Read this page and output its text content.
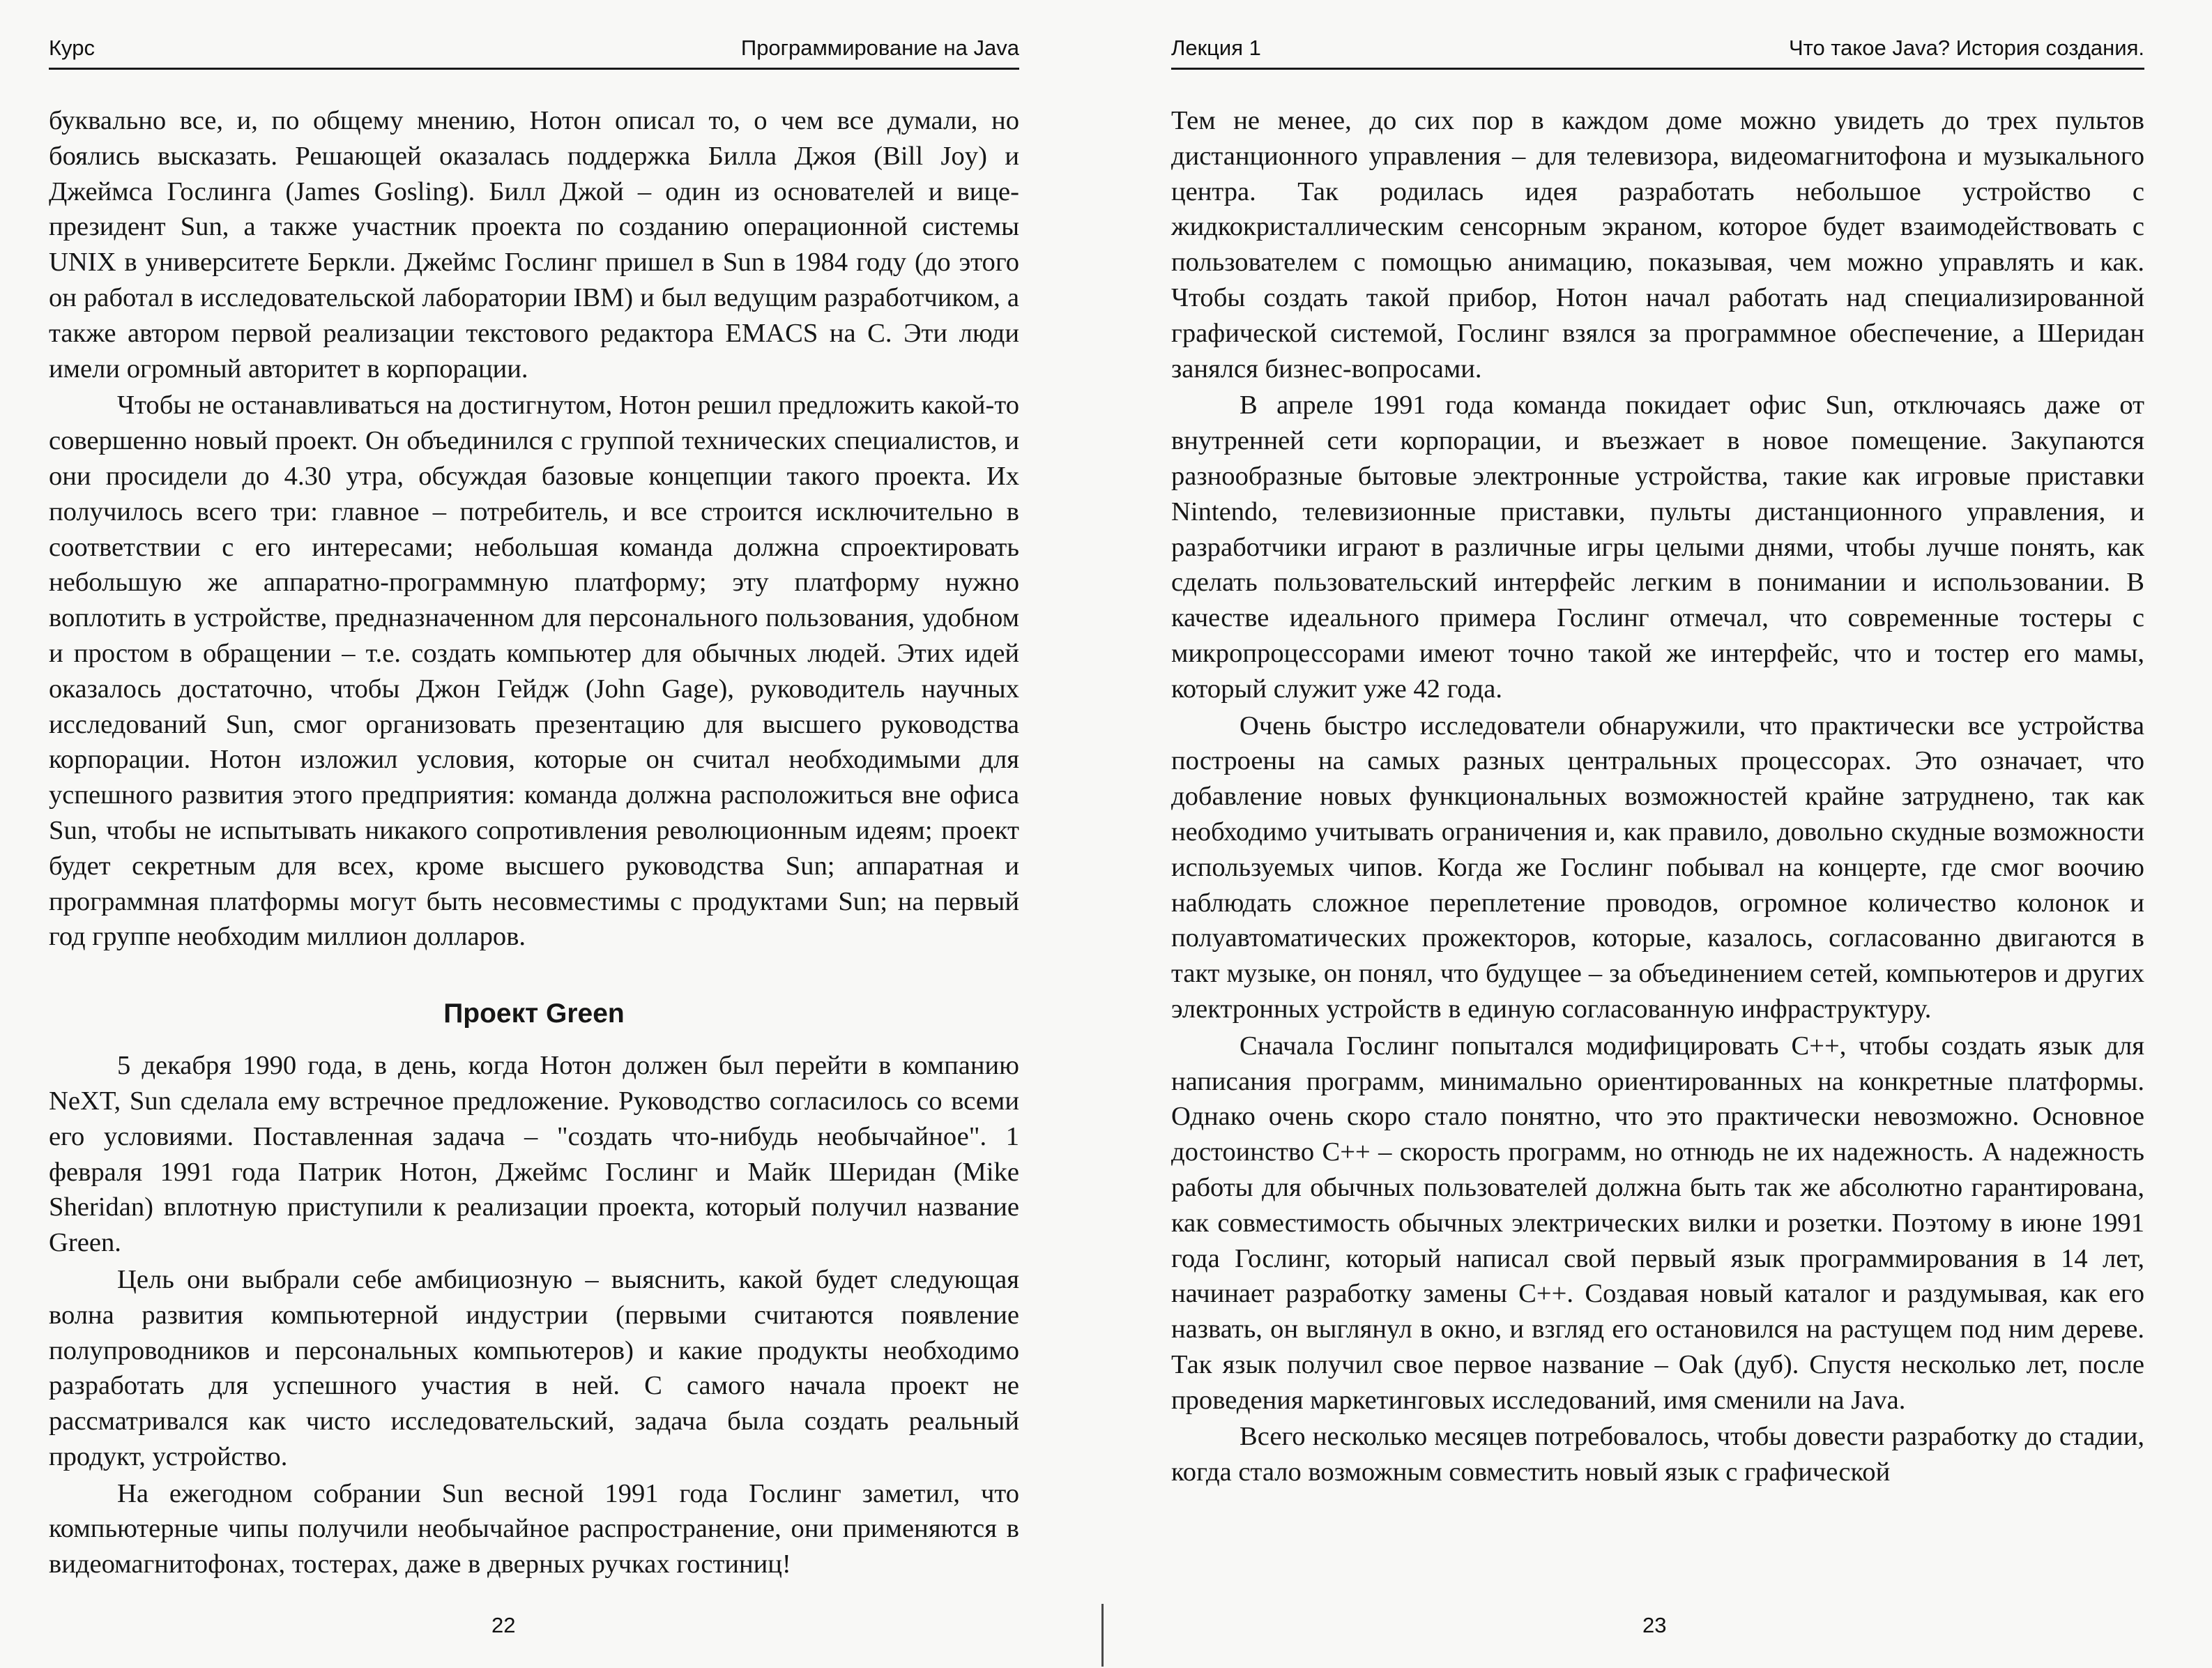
Курс	Программирование на Java

буквально все, и, по общему мнению, Нотон описал то, о чем все думали, но боялись высказать. Решающей оказалась поддержка Билла Джоя (Bill Joy) и Джеймса Гослинга (James Gosling). Билл Джой – один из основателей и вице-президент Sun, а также участник проекта по созданию операционной системы UNIX в университете Беркли. Джеймс Гослинг пришел в Sun в 1984 году (до этого он работал в исследовательской лаборатории IBM) и был ведущим разработчиком, а также автором первой реализации текстового редактора EMACS на С. Эти люди имели огромный авторитет в корпорации.

Чтобы не останавливаться на достигнутом, Нотон решил предложить какой-то совершенно новый проект. Он объединился с группой технических специалистов, и они просидели до 4.30 утра, обсуждая базовые концепции такого проекта. Их получилось всего три: главное – потребитель, и все строится исключительно в соответствии с его интересами; небольшая команда должна спроектировать небольшую же аппаратно-программную платформу; эту платформу нужно воплотить в устройстве, предназначенном для персонального пользования, удобном и простом в обращении – т.е. создать компьютер для обычных людей. Этих идей оказалось достаточно, чтобы Джон Гейдж (John Gage), руководитель научных исследований Sun, смог организовать презентацию для высшего руководства корпорации. Нотон изложил условия, которые он считал необходимыми для успешного развития этого предприятия: команда должна расположиться вне офиса Sun, чтобы не испытывать никакого сопротивления революционным идеям; проект будет секретным для всех, кроме высшего руководства Sun; аппаратная и программная платформы могут быть несовместимы с продуктами Sun; на первый год группе необходим миллион долларов.

Проект Green

5 декабря 1990 года, в день, когда Нотон должен был перейти в компанию NeXT, Sun сделала ему встречное предложение. Руководство согласилось со всеми его условиями. Поставленная задача – "создать что-нибудь необычайное". 1 февраля 1991 года Патрик Нотон, Джеймс Гослинг и Майк Шеридан (Mike Sheridan) вплотную приступили к реализации проекта, который получил название Green.

Цель они выбрали себе амбициозную – выяснить, какой будет следующая волна развития компьютерной индустрии (первыми считаются появление полупроводников и персональных компьютеров) и какие продукты необходимо разработать для успешного участия в ней. С самого начала проект не рассматривался как чисто исследовательский, задача была создать реальный продукт, устройство.

На ежегодном собрании Sun весной 1991 года Гослинг заметил, что компьютерные чипы получили необычайное распространение, они применяются в видеомагнитофонах, тостерах, даже в дверных ручках гостиниц!

22
Лекция 1	Что такое Java? История создания.

Тем не менее, до сих пор в каждом доме можно увидеть до трех пультов дистанционного управления – для телевизора, видеомагнитофона и музыкального центра. Так родилась идея разработать небольшое устройство с жидкокристаллическим сенсорным экраном, которое будет взаимодействовать с пользователем с помощью анимацию, показывая, чем можно управлять и как. Чтобы создать такой прибор, Нотон начал работать над специализированной графической системой, Гослинг взялся за программное обеспечение, а Шеридан занялся бизнес-вопросами.

В апреле 1991 года команда покидает офис Sun, отключаясь даже от внутренней сети корпорации, и въезжает в новое помещение. Закупаются разнообразные бытовые электронные устройства, такие как игровые приставки Nintendo, телевизионные приставки, пульты дистанционного управления, и разработчики играют в различные игры целыми днями, чтобы лучше понять, как сделать пользовательский интерфейс легким в понимании и использовании. В качестве идеального примера Гослинг отмечал, что современные тостеры с микропроцессорами имеют точно такой же интерфейс, что и тостер его мамы, который служит уже 42 года.

Очень быстро исследователи обнаружили, что практически все устройства построены на самых разных центральных процессорах. Это означает, что добавление новых функциональных возможностей крайне затруднено, так как необходимо учитывать ограничения и, как правило, довольно скудные возможности используемых чипов. Когда же Гослинг побывал на концерте, где смог воочию наблюдать сложное переплетение проводов, огромное количество колонок и полуавтоматических прожекторов, которые, казалось, согласованно двигаются в такт музыке, он понял, что будущее – за объединением сетей, компьютеров и других электронных устройств в единую согласованную инфраструктуру.

Сначала Гослинг попытался модифицировать С++, чтобы создать язык для написания программ, минимально ориентированных на конкретные платформы. Однако очень скоро стало понятно, что это практически невозможно. Основное достоинство С++ – скорость программ, но отнюдь не их надежность. А надежность работы для обычных пользователей должна быть так же абсолютно гарантирована, как совместимость обычных электрических вилки и розетки. Поэтому в июне 1991 года Гослинг, который написал свой первый язык программирования в 14 лет, начинает разработку замены С++. Создавая новый каталог и раздумывая, как его назвать, он выглянул в окно, и взгляд его остановился на растущем под ним дереве. Так язык получил свое первое название – Oak (дуб). Спустя несколько лет, после проведения маркетинговых исследований, имя сменили на Java.

Всего несколько месяцев потребовалось, чтобы довести разработку до стадии, когда стало возможным совместить новый язык с графической

23
